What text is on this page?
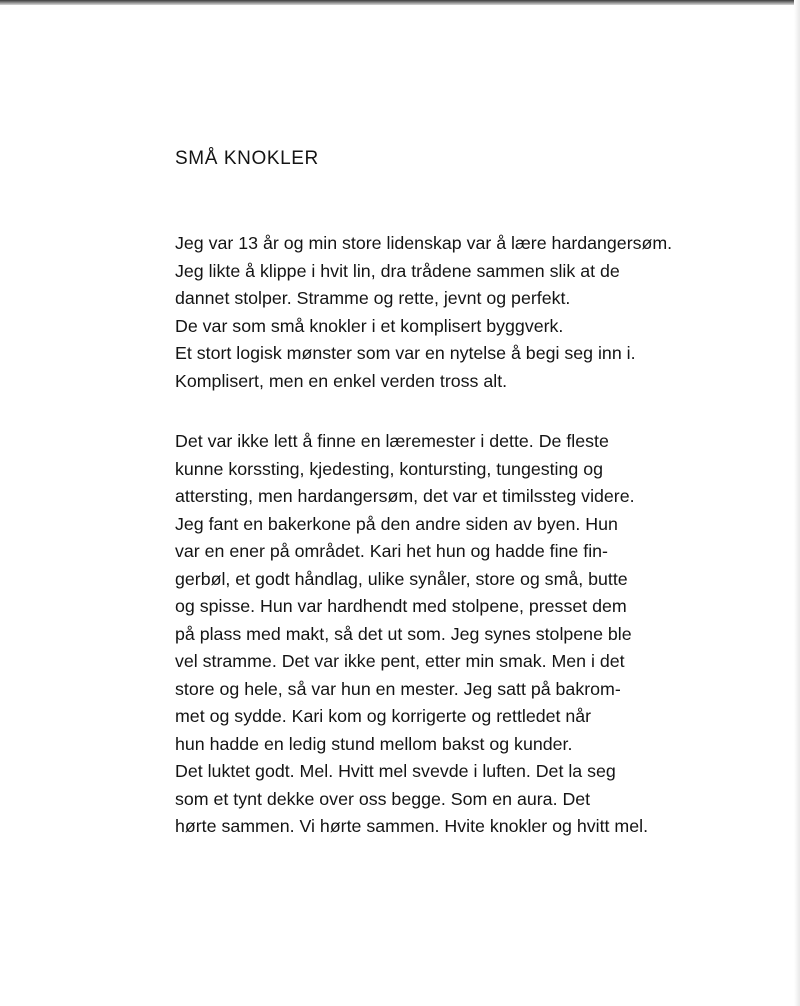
SMÅ KNOKLER

Jeg var 13 år og min store lidenskap var å lære hardangersøm.
Jeg likte å klippe i hvit lin, dra trådene sammen slik at de
dannet stolper. Stramme og rette, jevnt og perfekt.
De var som små knokler i et komplisert byggverk.
Et stort logisk mønster som var en nytelse å begi seg inn i.
Komplisert, men en enkel verden tross alt.

Det var ikke lett å finne en læremester i dette. De fleste
kunne korssting, kjedesting, kontursting, tungesting og
attersting, men hardangersøm, det var et timilssteg videre.
Jeg fant en bakerkone på den andre siden av byen. Hun
var en ener på området. Kari het hun og hadde fine fin-
gerbøl, et godt håndlag, ulike synåler, store og små, butte
og spisse. Hun var hardhendt med stolpene, presset dem
på plass med makt, så det ut som. Jeg synes stolpene ble
vel stramme. Det var ikke pent, etter min smak. Men i det
store og hele, så var hun en mester. Jeg satt på bakrom-
met og sydde. Kari kom og korrigerte og rettledet når
hun hadde en ledig stund mellom bakst og kunder.
Det luktet godt. Mel. Hvitt mel svevde i luften. Det la seg
som et tynt dekke over oss begge. Som en aura. Det
hørte sammen. Vi hørte sammen. Hvite knokler og hvitt mel.
